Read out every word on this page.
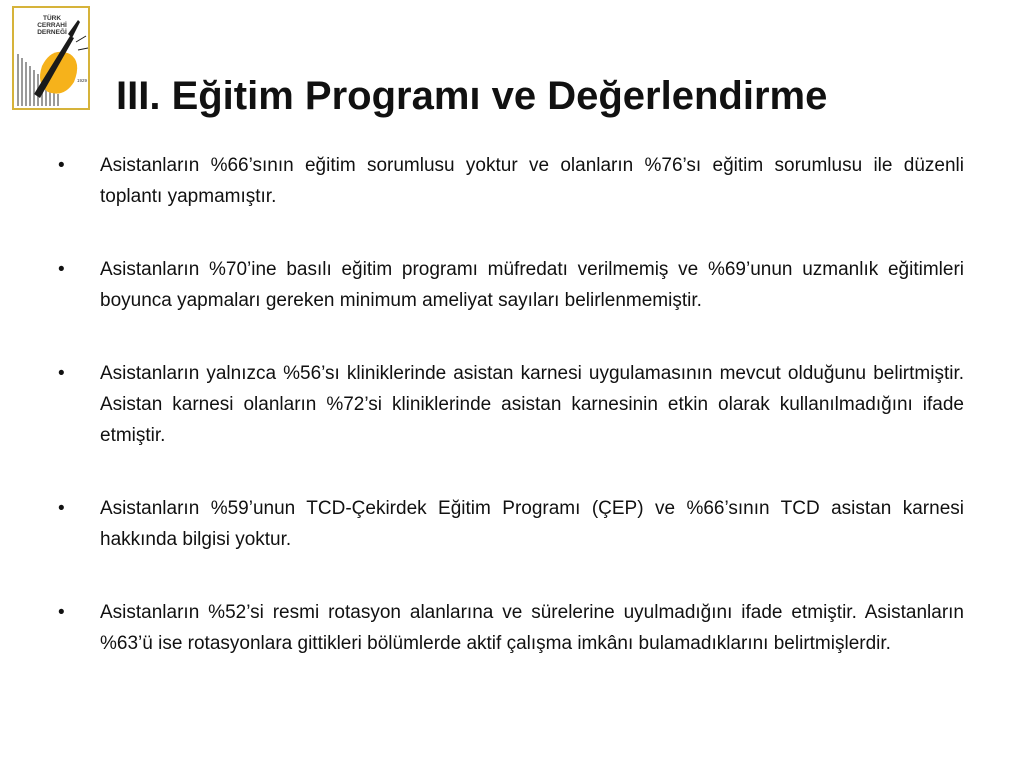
TÜRK
CERRAHİ
DERNEĞİ
1929 III. Eğitim Programı ve Değerlendirme
• Asistanların %66’sının eğitim sorumlusu yoktur ve olanların %76’sı eğitim sorumlusu ile düzenli toplantı yapmamıştır.
• Asistanların %70’ine basılı eğitim programı müfredatı verilmemiş ve %69’unun uzmanlık eğitimleri boyunca yapmaları gereken minimum ameliyat sayıları belirlenmemiştir.
• Asistanların yalnızca %56’sı kliniklerinde asistan karnesi uygulamasının mevcut olduğunu belirtmiştir. Asistan karnesi olanların %72’si kliniklerinde asistan karnesinin etkin olarak kullanılmadığını ifade etmiştir.
• Asistanların %59’unun TCD-Çekirdek Eğitim Programı (ÇEP) ve %66’sının TCD asistan karnesi hakkında bilgisi yoktur.
• Asistanların %52’si resmi rotasyon alanlarına ve sürelerine uyulmadığını ifade etmiştir. Asistanların %63’ü ise rotasyonlara gittikleri bölümlerde aktif çalışma imkânı bulamadıklarını belirtmişlerdir.
